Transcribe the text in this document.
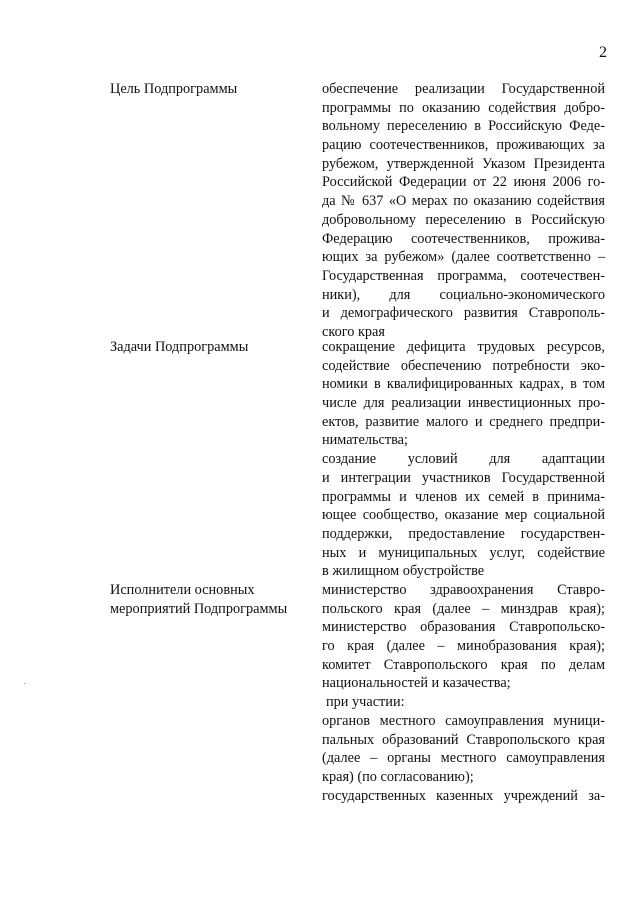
2
Цель Подпрограммы	обеспечение реализации Государственной
программы по оказанию содействия добро-
вольному переселению в Российскую Феде-
рацию соотечественников, проживающих за
рубежом, утвержденной Указом Президента
Российской Федерации от 22 июня 2006 го-
да № 637 «О мерах по оказанию содействия
добровольному переселению в Российскую
Федерацию соотечественников, прожива-
ющих за рубежом» (далее соответственно –
Государственная программа, соотечествен-
ники), для социально-экономического
и демографического развития Ставрополь-
ского края
Задачи Подпрограммы	сокращение дефицита трудовых ресурсов,
содействие обеспечению потребности эко-
номики в квалифицированных кадрах, в том
числе для реализации инвестиционных про-
ектов, развитие малого и среднего предпри-
нимательства;
создание условий для адаптации
и интеграции участников Государственной
программы и членов их семей в принима-
ющее сообщество, оказание мер социальной
поддержки, предоставление государствен-
ных и муниципальных услуг, содействие
в жилищном обустройстве
Исполнители основных
мероприятий Подпрограммы
министерство здравоохранения Ставро-
польского края (далее – минздрав края);
министерство образования Ставропольско-
го края (далее – минобразования края);
комитет Ставропольского края по делам
национальностей и казачества;
при участии:
органов местного самоуправления муници-
пальных образований Ставропольского края
(далее – органы местного самоуправления
края) (по согласованию);
государственных казенных учреждений за-
